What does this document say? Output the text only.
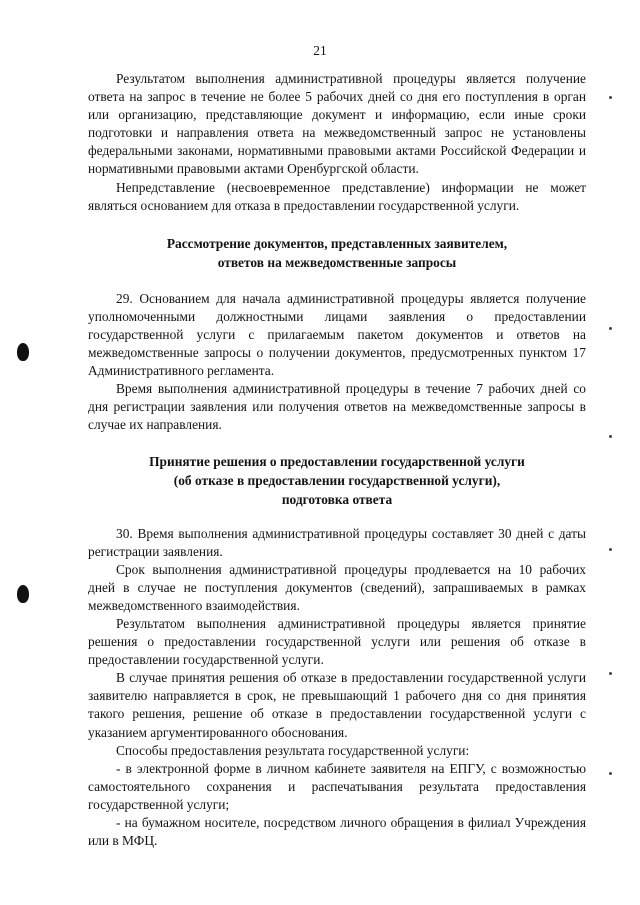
21

Результатом выполнения административной процедуры является получение ответа на запрос в течение не более 5 рабочих дней со дня его поступления в орган или организацию, представляющие документ и информацию, если иные сроки подготовки и направления ответа на межведомственный запрос не установлены федеральными законами, нормативными правовыми актами Российской Федерации и нормативными правовыми актами Оренбургской области.

Непредставление (несвоевременное представление) информации не может являться основанием для отказа в предоставлении государственной услуги.

Рассмотрение документов, представленных заявителем,
ответов на межведомственные запросы

29. Основанием для начала административной процедуры является получение уполномоченными должностными лицами заявления о предоставлении государственной услуги с прилагаемым пакетом документов и ответов на межведомственные запросы о получении документов, предусмотренных пунктом 17 Административного регламента.

Время выполнения административной процедуры в течение 7 рабочих дней со дня регистрации заявления или получения ответов на межведомственные запросы в случае их направления.

Принятие решения о предоставлении государственной услуги
(об отказе в предоставлении государственной услуги),
подготовка ответа

30. Время выполнения административной процедуры составляет 30 дней с даты регистрации заявления.

Срок выполнения административной процедуры продлевается на 10 рабочих дней в случае не поступления документов (сведений), запрашиваемых в рамках межведомственного взаимодействия.

Результатом выполнения административной процедуры является принятие решения о предоставлении государственной услуги или решения об отказе в предоставлении государственной услуги.

В случае принятия решения об отказе в предоставлении государственной услуги заявителю направляется в срок, не превышающий 1 рабочего дня со дня принятия такого решения, решение об отказе в предоставлении государственной услуги с указанием аргументированного обоснования.

Способы предоставления результата государственной услуги:

- в электронной форме в личном кабинете заявителя на ЕПГУ, с возможностью самостоятельного сохранения и распечатывания результата предоставления государственной услуги;

- на бумажном носителе, посредством личного обращения в филиал Учреждения или в МФЦ.
